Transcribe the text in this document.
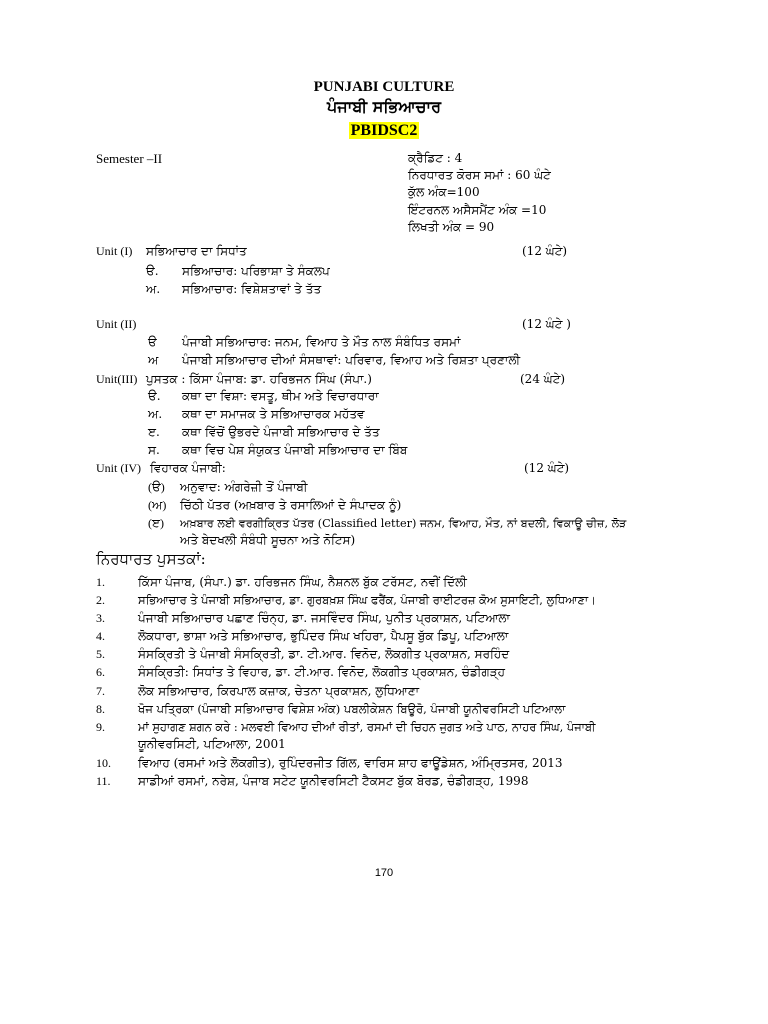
PUNJABI CULTURE
ਪੰਜਾਬੀ ਸਭਿਆਚਾਰ
PBIDSC2
Semester –II	ਕ੍ਰੈਡਿਟ : 4
ਨਿਰਧਾਰਤ ਕੋਰਸ ਸਮਾਂ : 60 ਘੰਟੇ
ਕੁੱਲ ਅੰਕ=100
ਇੰਟਰਨਲ ਅਸੈਸਮੈਂਟ ਅੰਕ =10
ਲਿਖਤੀ ਅੰਕ = 90
Unit (I) ਸਭਿਆਚਾਰ ਦਾ ਸਿਧਾਂਤ	(12 ਘੰਟੇ)
ੳ. ਸਭਿਆਚਾਰ: ਪਰਿਭਾਸ਼ਾ ਤੇ ਸੰਕਲਪ
ਅ. ਸਭਿਆਚਾਰ: ਵਿਸ਼ੇਸ਼ਤਾਵਾਂ ਤੇ ਤੱਤ
Unit (II)	(12 ਘੰਟੇ )
ੳ ਪੰਜਾਬੀ ਸਭਿਆਚਾਰ: ਜਨਮ, ਵਿਆਹ ਤੇ ਮੌਤ ਨਾਲ ਸੰਬੰਧਿਤ ਰਸਮਾਂ
ਅ ਪੰਜਾਬੀ ਸਭਿਆਚਾਰ ਦੀਆਂ ਸੰਸਥਾਵਾਂ: ਪਰਿਵਾਰ, ਵਿਆਹ ਅਤੇ ਰਿਸ਼ਤਾ ਪ੍ਰਣਾਲੀ
Unit(III) ਪੁਸਤਕ : ਕਿੱਸਾ ਪੰਜਾਬ: ਡਾ. ਹਰਿਭਜਨ ਸਿੰਘ (ਸੰਪਾ.)	(24 ਘੰਟੇ)
ੳ. ਕਥਾ ਦਾ ਵਿਸ਼ਾ: ਵਸਤੂ, ਥੀਮ ਅਤੇ ਵਿਚਾਰਧਾਰਾ
ਅ. ਕਥਾ ਦਾ ਸਮਾਜਕ ਤੇ ਸਭਿਆਚਾਰਕ ਮਹੱਤਵ
ੲ. ਕਥਾ ਵਿੱਚੋਂ ਉਭਰਦੇ ਪੰਜਾਬੀ ਸਭਿਆਚਾਰ ਦੇ ਤੱਤ
ਸ. ਕਥਾ ਵਿਚ ਪੇਸ਼ ਸੰਯੁਕਤ ਪੰਜਾਬੀ ਸਭਿਆਚਾਰ ਦਾ ਬਿੰਬ
Unit (IV) ਵਿਹਾਰਕ ਪੰਜਾਬੀ:	(12 ਘੰਟੇ)
(ੳ) ਅਨੁਵਾਦ: ਅੰਗਰੇਜ਼ੀ ਤੋਂ ਪੰਜਾਬੀ
(ਅ) ਚਿੱਠੀ ਪੱਤਰ (ਅਖ਼ਬਾਰ ਤੇ ਰਸਾਲਿਆਂ ਦੇ ਸੰਪਾਦਕ ਨੂੰ)
(ੲ) ਅਖ਼ਬਾਰ ਲਈ ਵਰਗੀਕ੍ਰਿਤ ਪੱਤਰ (Classified letter) ਜਨਮ, ਵਿਆਹ, ਮੌਤ, ਨਾਂ ਬਦਲੀ, ਵਿਕਾਊ ਚੀਜ਼, ਲੋੜ
ਅਤੇ ਬੇਦਖਲੀ ਸੰਬੰਧੀ ਸੂਚਨਾ ਅਤੇ ਨੋਟਿਸ)
ਨਿਰਧਾਰਤ ਪੁਸਤਕਾਂ:
1.	ਕਿੱਸਾ ਪੰਜਾਬ, (ਸੰਪਾ.) ਡਾ. ਹਰਿਭਜਨ ਸਿੰਘ, ਨੈਸ਼ਨਲ ਬੁੱਕ ਟਰੱਸਟ, ਨਵੀਂ ਦਿੱਲੀ
2.	ਸਭਿਆਚਾਰ ਤੇ ਪੰਜਾਬੀ ਸਭਿਆਚਾਰ, ਡਾ. ਗੁਰਬਖ਼ਸ਼ ਸਿੰਘ ਫਰੈਂਕ, ਪੰਜਾਬੀ ਰਾਈਟਰਜ਼ ਕੋਅ ਸੁਸਾਇਟੀ, ਲੁਧਿਆਣਾ।
3.	ਪੰਜਾਬੀ ਸਭਿਆਚਾਰ ਪਛਾਣ ਚਿੰਨ੍ਹ, ਡਾ. ਜਸਵਿੰਦਰ ਸਿੰਘ, ਪੁਨੀਤ ਪ੍ਰਕਾਸ਼ਨ, ਪਟਿਆਲਾ
4.	ਲੋਕਧਾਰਾ, ਭਾਸ਼ਾ ਅਤੇ ਸਭਿਆਚਾਰ, ਭੁਪਿੰਦਰ ਸਿੰਘ ਖਹਿਰਾ, ਪੈਪਸੂ ਬੁੱਕ ਡਿਪੂ, ਪਟਿਆਲਾ
5.	ਸੰਸਕ੍ਰਿਤੀ ਤੇ ਪੰਜਾਬੀ ਸੰਸਕ੍ਰਿਤੀ, ਡਾ. ਟੀ.ਆਰ. ਵਿਨੋਦ, ਲੋਕਗੀਤ ਪ੍ਰਕਾਸ਼ਨ, ਸਰਹਿੰਦ
6.	ਸੰਸਕ੍ਰਿਤੀ: ਸਿਧਾਂਤ ਤੇ ਵਿਹਾਰ, ਡਾ. ਟੀ.ਆਰ. ਵਿਨੋਦ, ਲੋਕਗੀਤ ਪ੍ਰਕਾਸ਼ਨ, ਚੰਡੀਗੜ੍ਹ
7.	ਲੋਕ ਸਭਿਆਚਾਰ, ਕਿਰਪਾਲ ਕਜ਼ਾਕ, ਚੇਤਨਾ ਪ੍ਰਕਾਸ਼ਨ, ਲੁਧਿਆਣਾ
8.	ਖੋਜ ਪਤ੍ਰਿਕਾ (ਪੰਜਾਬੀ ਸਭਿਆਚਾਰ ਵਿਸ਼ੇਸ਼ ਅੰਕ) ਪਬਲੀਕੇਸ਼ਨ ਬਿਊਰੋ, ਪੰਜਾਬੀ ਯੂਨੀਵਰਸਿਟੀ ਪਟਿਆਲਾ
9.	ਮਾਂ ਸੁਹਾਗਣ ਸ਼ਗਨ ਕਰੇ : ਮਲਵਈ ਵਿਆਹ ਦੀਆਂ ਰੀਤਾਂ, ਰਸਮਾਂ ਦੀ ਚਿਹਨ ਜੁਗਤ ਅਤੇ ਪਾਠ, ਨਾਹਰ ਸਿੰਘ, ਪੰਜਾਬੀ
ਯੂਨੀਵਰਸਿਟੀ, ਪਟਿਆਲਾ, 2001
10. ਵਿਆਹ (ਰਸਮਾਂ ਅਤੇ ਲੋਕਗੀਤ), ਰੁਪਿੰਦਰਜੀਤ ਗਿੱਲ, ਵਾਰਿਸ ਸ਼ਾਹ ਫਾਊਂਡੇਸ਼ਨ, ਅੰਮ੍ਰਿਤਸਰ, 2013
11. ਸਾਡੀਆਂ ਰਸਮਾਂ, ਨਰੇਸ਼, ਪੰਜਾਬ ਸਟੇਟ ਯੂਨੀਵਰਸਿਟੀ ਟੈਕਸਟ ਬੁੱਕ ਬੋਰਡ, ਚੰਡੀਗੜ੍ਹ, 1998
170
